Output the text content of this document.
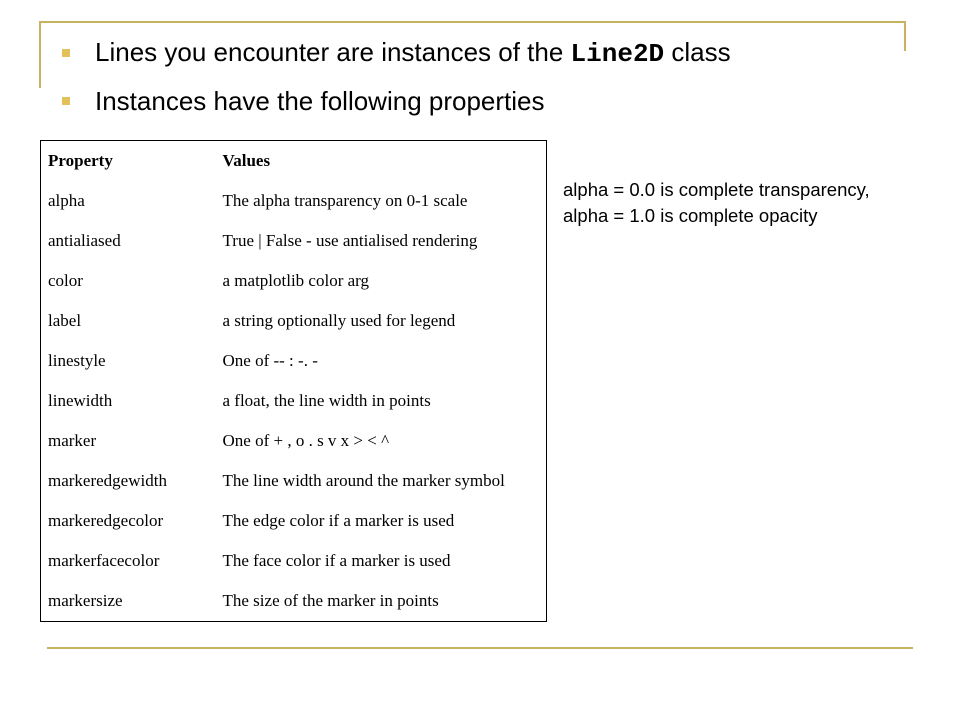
Lines you encounter are instances of the Line2D class
Instances have the following properties
Property	Values
alpha	The alpha transparency on 0-1 scale
antialiased	True | False - use antialised rendering
color	a matplotlib color arg
label	a string optionally used for legend
linestyle	One of -- : -. -
linewidth	a float, the line width in points
marker	One of + , o . s v x > < ^
markeredgewidth	The line width around the marker symbol
markeredgecolor	The edge color if a marker is used
markerfacecolor	The face color if a marker is used
markersize	The size of the marker in points
alpha = 0.0 is complete transparency,
alpha = 1.0 is complete opacity
